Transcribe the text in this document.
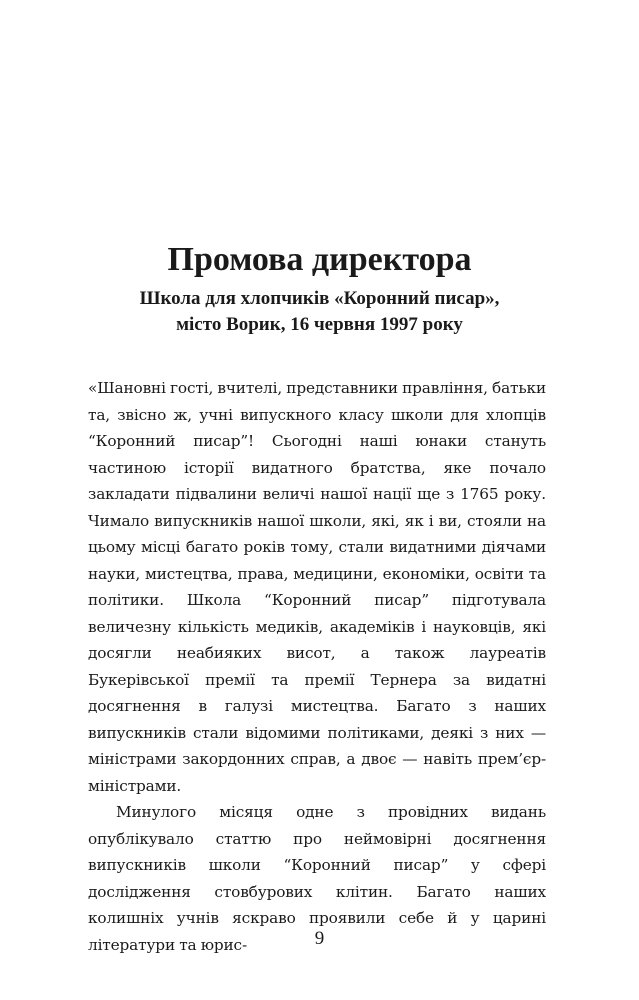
Промова директора
Школа для хлопчиків «Коронний писар»,
місто Ворик, 16 червня 1997 року

«Шановні гості, вчителі, представники правління, батьки та, звісно ж, учні випускного класу школи для хлопців “Коронний писар”! Сьогодні наші юнаки стануть частиною історії видатного братства, яке почало закладати підвалини величі нашої нації ще з 1765 року. Чимало випускників нашої школи, які, як і ви, стояли на цьому місці багато років тому, стали видатними діячами науки, мистецтва, права, медицини, економіки, освіти та політики. Школа “Коронний писар” підготувала величезну кількість медиків, академіків і науковців, які досягли неабияких висот, а також лауреатів Букерівської премії та премії Тернера за видатні досягнення в галузі мистецтва. Багато з наших випускників стали відомими політиками, деякі з них — міністрами закордонних справ, а двоє — навіть прем’єр-міністрами.

Минулого місяця одне з провідних видань опублікувало статтю про неймовірні досягнення випускників школи “Коронний писар” у сфері дослідження стовбурових клітин. Багато наших колишніх учнів яскраво проявили себе й у царині літератури та юрис-	9
